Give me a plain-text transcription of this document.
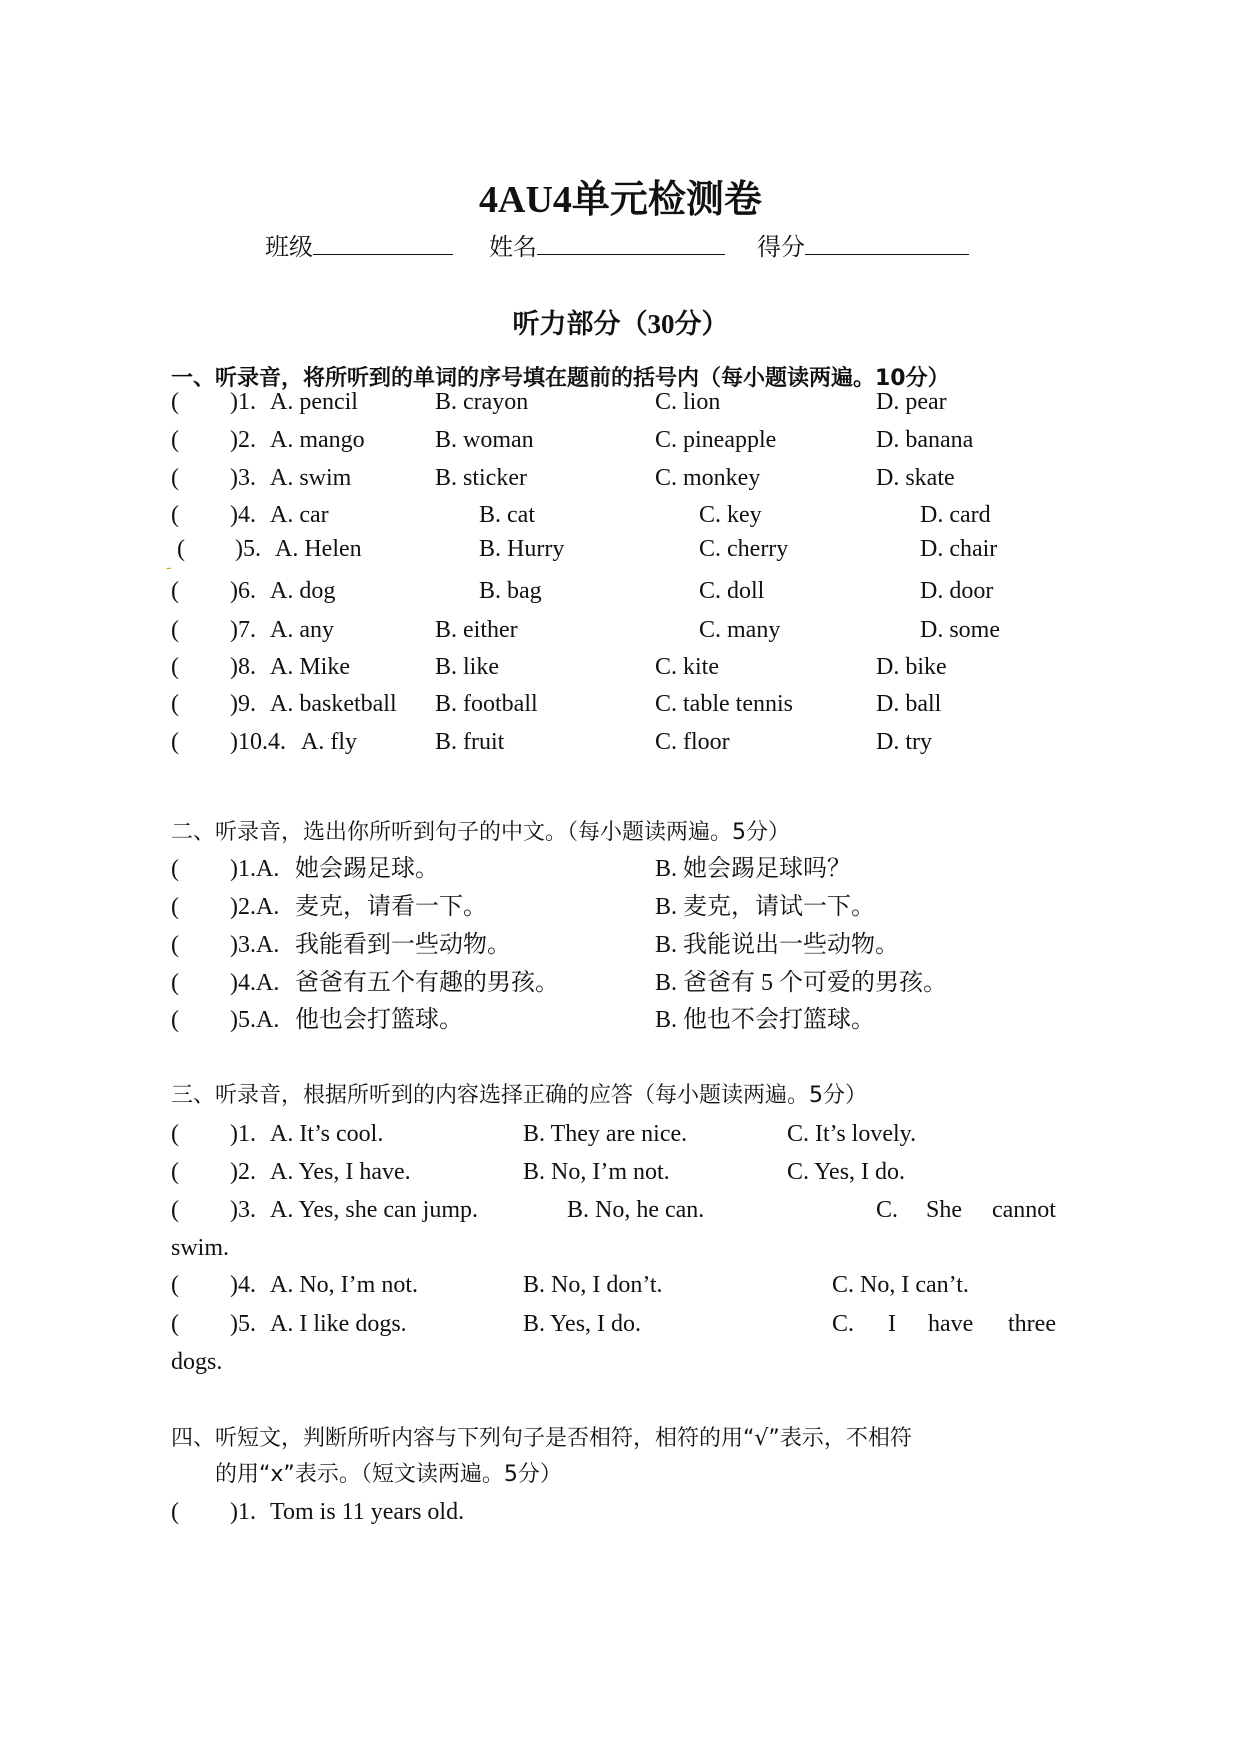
4AU4单元检测卷
班级	姓名	得分
听力部分（30分）
一、听录音，将所听到的单词的序号填在题前的括号内（每小题读两遍。10分）
( )1. A. pencil	B. crayon	C. lion	D. pear
( )2. A. mango	B. woman	C. pineapple	D. banana
( )3. A. swim	B. sticker	C. monkey	D. skate
( )4. A. car	B. cat	C. key	D. card
( )5. A. Helen	B. Hurry	C. cherry	D. chair
( )6. A. dog	B. bag	C. doll	D. door
( )7. A. any	B. either	C. many	D. some
( )8. A. Mike	B. like	C. kite	D. bike
( )9. A. basketball B. football	C. table tennis	D. ball
( )10.4. A. fly	B. fruit	C. floor	D. try
二、听录音，选出你所听到句子的中文。（每小题读两遍。5分）
( )1.A. 她会踢足球。	B. 她会踢足球吗？
( )2.A. 麦克，请看一下。	B. 麦克，请试一下。
( )3.A. 我能看到一些动物。	B. 我能说出一些动物。
( )4.A. 爸爸有五个有趣的男孩。	B. 爸爸有 5 个可爱的男孩。
( )5.A. 他也会打篮球。	B. 他也不会打篮球。
三、听录音，根据所听到的内容选择正确的应答（每小题读两遍。5分）
( )1. A. It’s cool.	B. They are nice.	C. It’s lovely.
( )2. A. Yes, I have.	B. No, I’m not.	C. Yes, I do.
( )3. A. Yes, she can jump.	B. No, he can.	C. She cannot
swim.
( )4. A. No, I’m not.	B. No, I don’t.	C. No, I can’t.
( )5. A. I like dogs.	B. Yes, I do.	C. I have three
dogs.
四、听短文，判断所听内容与下列句子是否相符，相符的用“√”表示，不相符
的用“x”表示。（短文读两遍。5分）
( )1. Tom is 11 years old.
-
